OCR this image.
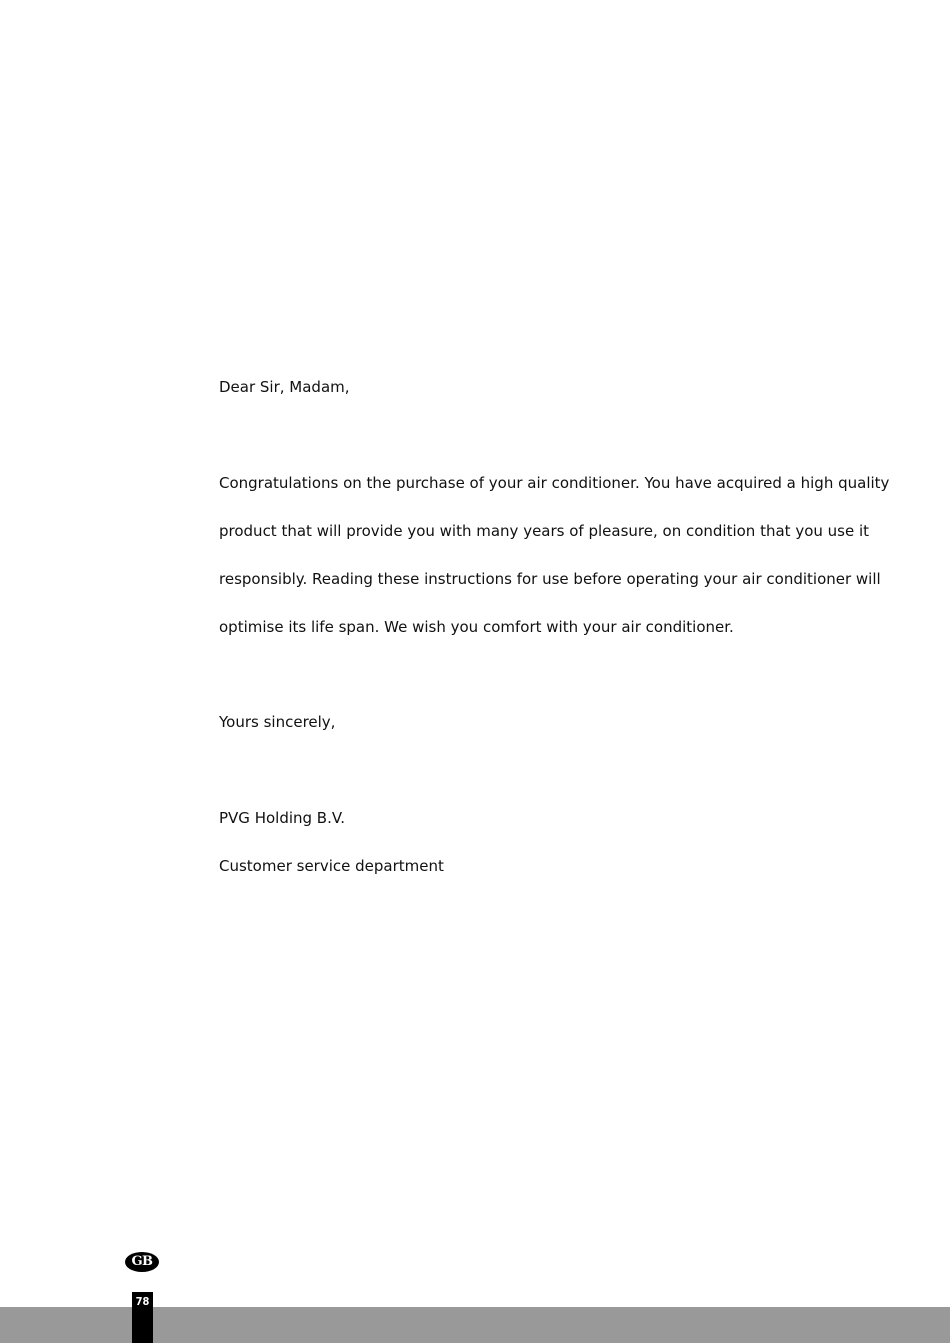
Dear Sir, Madam,
Congratulations on the purchase of your air conditioner. You have acquired a high quality
product that will provide you with many years of pleasure, on condition that you use it
responsibly. Reading these instructions for use before operating your air conditioner will
optimise its life span. We wish you comfort with your air conditioner.
Yours sincerely,
PVG Holding B.V.
Customer service department
GB
78
